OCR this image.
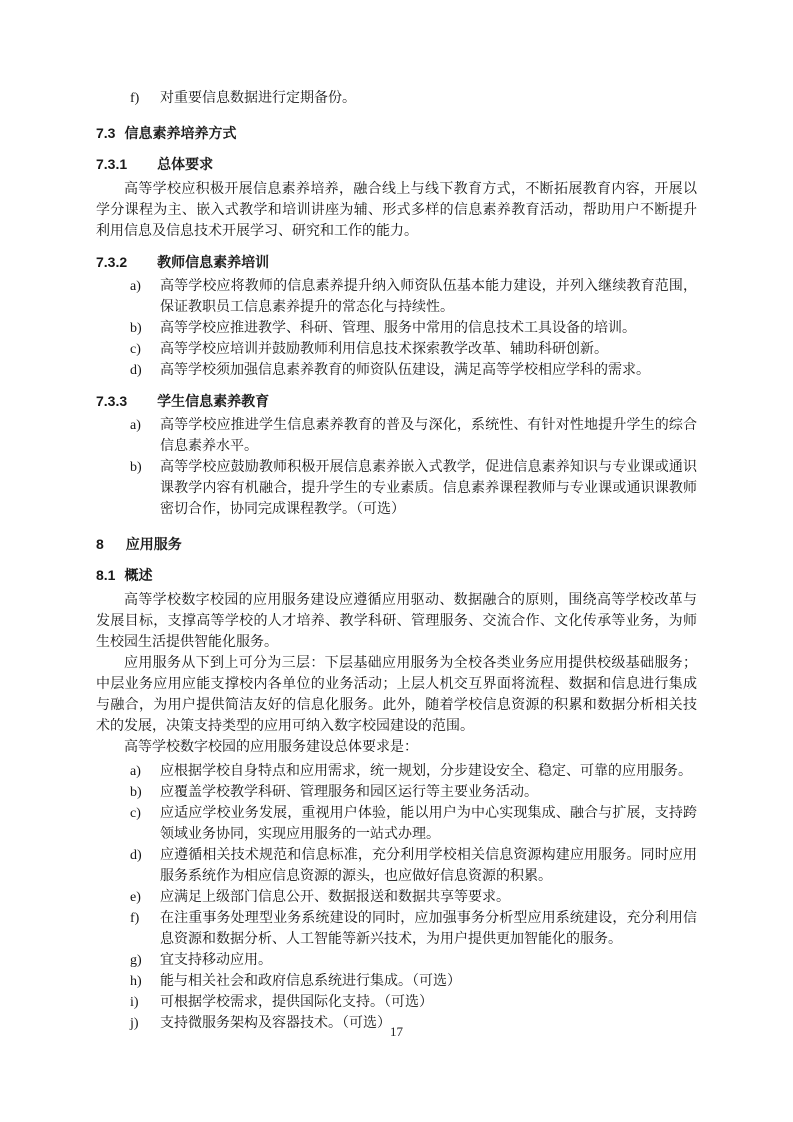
f)	对重要信息数据进行定期备份。
7.3 信息素养培养方式
7.3.1 总体要求

高等学校应积极开展信息素养培养，融合线上与线下教育方式，不断拓展教育内容，开展以学分课程为主、嵌入式教学和培训讲座为辅、形式多样的信息素养教育活动，帮助用户不断提升利用信息及信息技术开展学习、研究和工作的能力。

7.3.2 教师信息素养培训
a)	高等学校应将教师的信息素养提升纳入师资队伍基本能力建设，并列入继续教育范围，保证教职员工信息素养提升的常态化与持续性。
b)	高等学校应推进教学、科研、管理、服务中常用的信息技术工具设备的培训。
c)	高等学校应培训并鼓励教师利用信息技术探索教学改革、辅助科研创新。
d)	高等学校须加强信息素养教育的师资队伍建设，满足高等学校相应学科的需求。
7.3.3 学生信息素养教育
a)	高等学校应推进学生信息素养教育的普及与深化，系统性、有针对性地提升学生的综合信息素养水平。
b)	高等学校应鼓励教师积极开展信息素养嵌入式教学，促进信息素养知识与专业课或通识课教学内容有机融合，提升学生的专业素质。信息素养课程教师与专业课或通识课教师密切合作，协同完成课程教学。（可选）
8 应用服务
8.1 概述

高等学校数字校园的应用服务建设应遵循应用驱动、数据融合的原则，围绕高等学校改革与发展目标，支撑高等学校的人才培养、教学科研、管理服务、交流合作、文化传承等业务，为师生校园生活提供智能化服务。

应用服务从下到上可分为三层：下层基础应用服务为全校各类业务应用提供校级基础服务；中层业务应用应能支撑校内各单位的业务活动；上层人机交互界面将流程、数据和信息进行集成与融合，为用户提供简洁友好的信息化服务。此外，随着学校信息资源的积累和数据分析相关技术的发展，决策支持类型的应用可纳入数字校园建设的范围。

高等学校数字校园的应用服务建设总体要求是：

a)	应根据学校自身特点和应用需求，统一规划，分步建设安全、稳定、可靠的应用服务。
b)	应覆盖学校教学科研、管理服务和园区运行等主要业务活动。
c)	应适应学校业务发展，重视用户体验，能以用户为中心实现集成、融合与扩展，支持跨领域业务协同，实现应用服务的一站式办理。
d)	应遵循相关技术规范和信息标准，充分利用学校相关信息资源构建应用服务。同时应用服务系统作为相应信息资源的源头，也应做好信息资源的积累。
e)	应满足上级部门信息公开、数据报送和数据共享等要求。
f)	在注重事务处理型业务系统建设的同时，应加强事务分析型应用系统建设，充分利用信息资源和数据分析、人工智能等新兴技术，为用户提供更加智能化的服务。
g)	宜支持移动应用。
h)	能与相关社会和政府信息系统进行集成。（可选）
i)	可根据学校需求，提供国际化支持。（可选）
j)	支持微服务架构及容器技术。（可选）
17
